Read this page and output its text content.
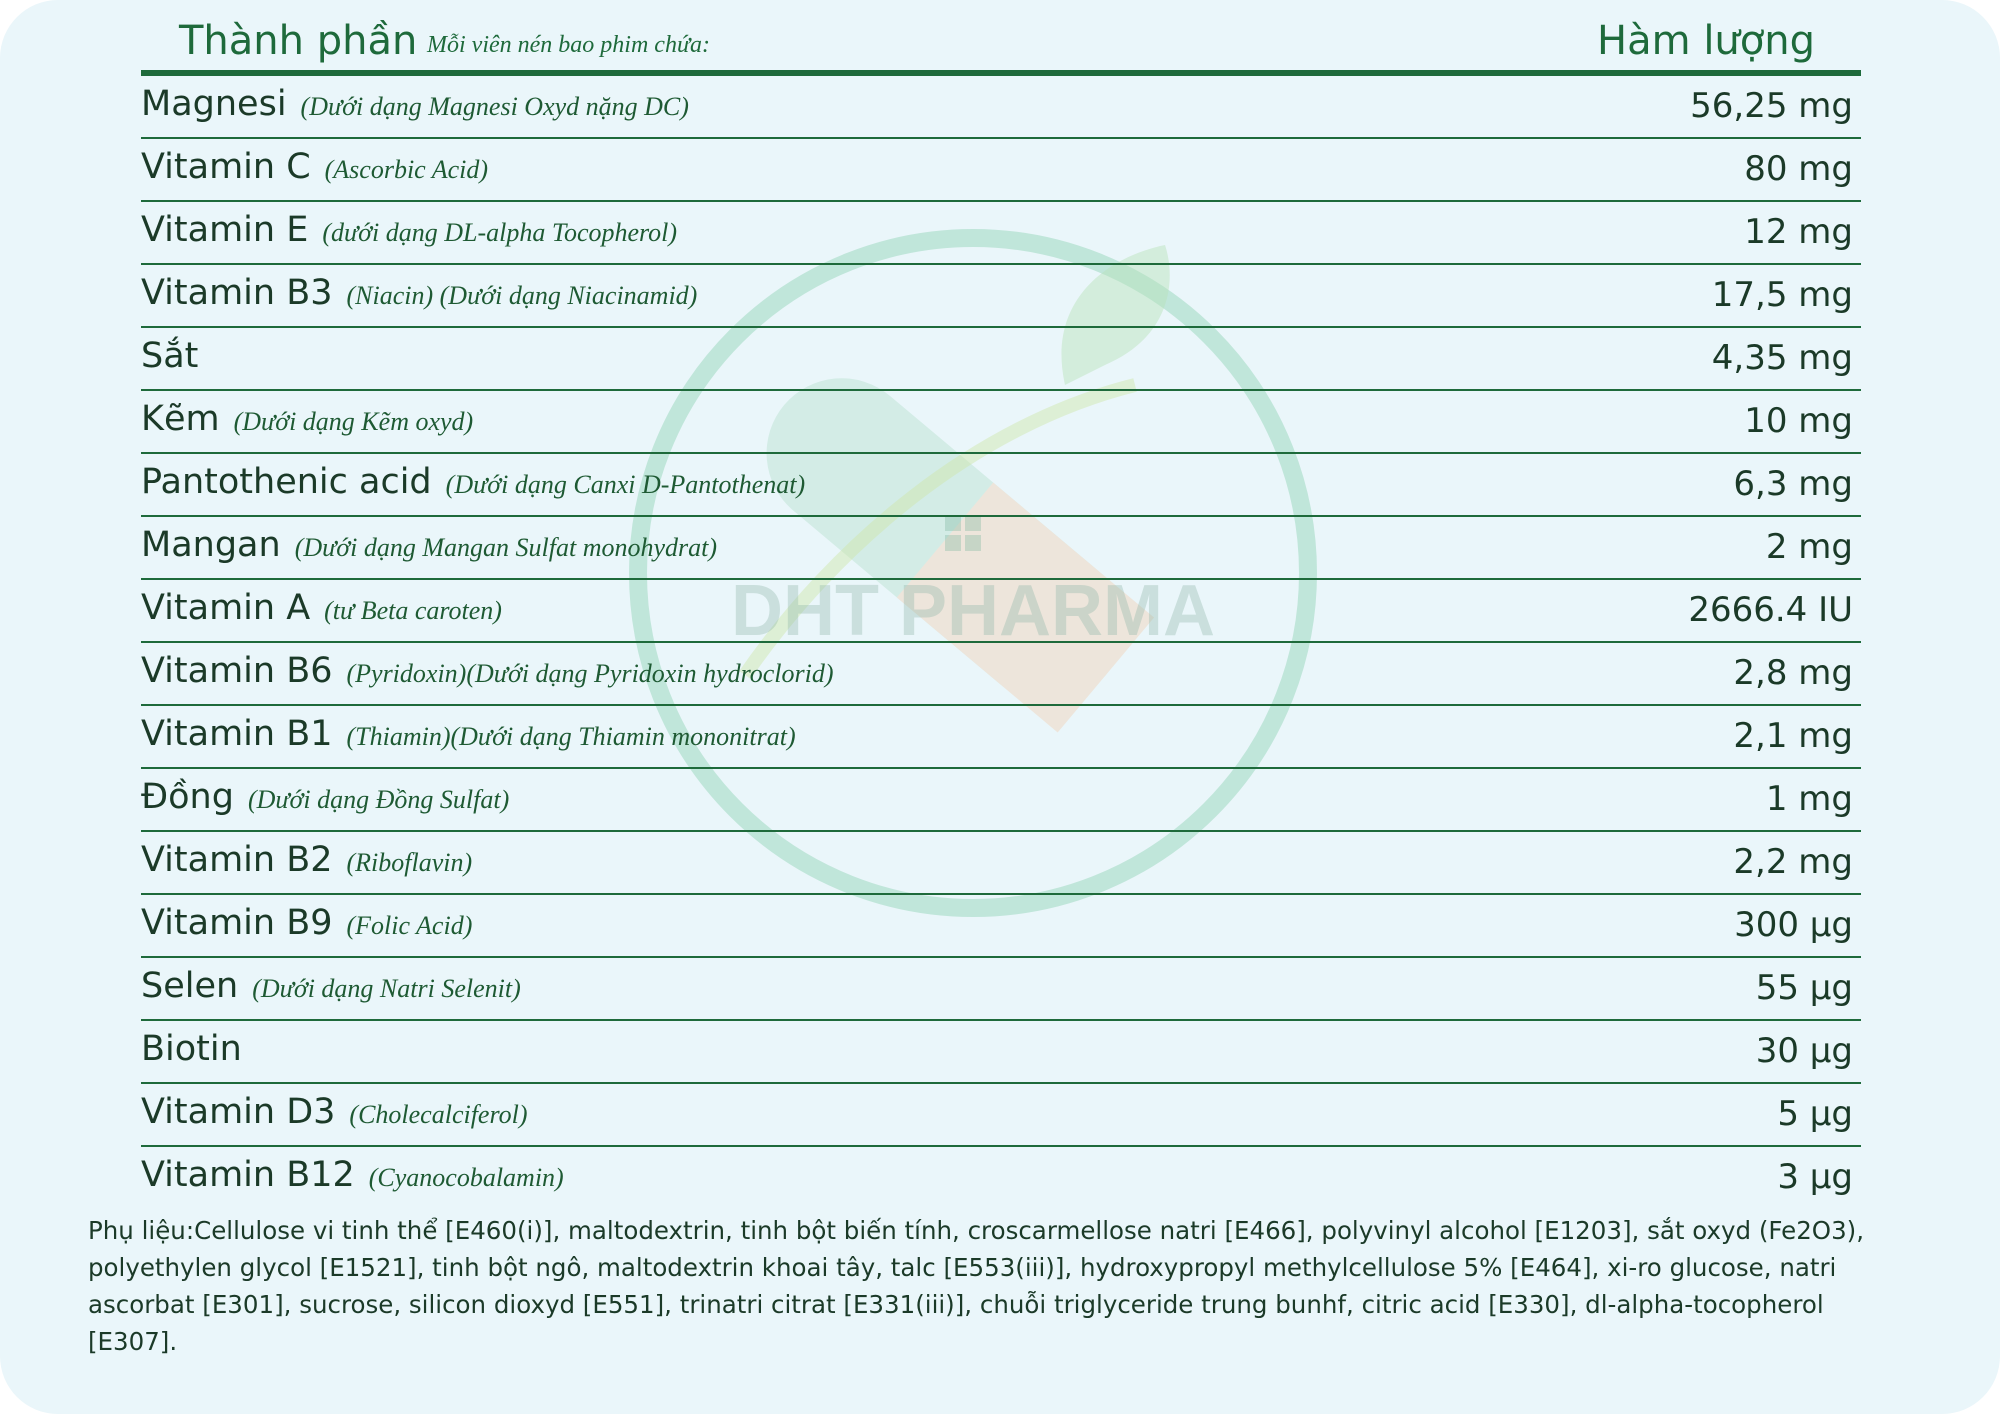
DHT PHARMA
Thành phần Mỗi viên nén bao phim chứa:	Hàm lượng
Magnesi (Dưới dạng Magnesi Oxyd nặng DC)	56,25 mg
Vitamin C (Ascorbic Acid)	80 mg
Vitamin E (dưới dạng DL-alpha Tocopherol)	12 mg
Vitamin B3 (Niacin) (Dưới dạng Niacinamid)	17,5 mg
Sắt	4,35 mg
Kẽm (Dưới dạng Kẽm oxyd)	10 mg
Pantothenic acid (Dưới dạng Canxi D-Pantothenat)	6,3 mg
Mangan (Dưới dạng Mangan Sulfat monohydrat)	2 mg
Vitamin A (tư Beta caroten)	2666.4 IU
Vitamin B6 (Pyridoxin)(Dưới dạng Pyridoxin hydroclorid)	2,8 mg
Vitamin B1 (Thiamin)(Dưới dạng Thiamin mononitrat)	2,1 mg
Đồng (Dưới dạng Đồng Sulfat)	1 mg
Vitamin B2 (Riboflavin)	2,2 mg
Vitamin B9 (Folic Acid)	300 µg
Selen (Dưới dạng Natri Selenit)	55 µg
Biotin	30 µg
Vitamin D3 (Cholecalciferol)	5 µg
Vitamin B12 (Cyanocobalamin)	3 µg
Phụ liệu:Cellulose vi tinh thể [E460(i)], maltodextrin, tinh bột biến tính, croscarmellose natri [E466], polyvinyl alcohol [E1203], sắt oxyd (Fe2O3), polyethylen glycol [E1521], tinh bột ngô, maltodextrin khoai tây, talc [E553(iii)], hydroxypropyl methylcellulose 5% [E464], xi-ro glucose, natri ascorbat [E301], sucrose, silicon dioxyd [E551], trinatri citrat [E331(iii)], chuỗi triglyceride trung bunhf, citric acid [E330], dl-alpha-tocopherol [E307].
